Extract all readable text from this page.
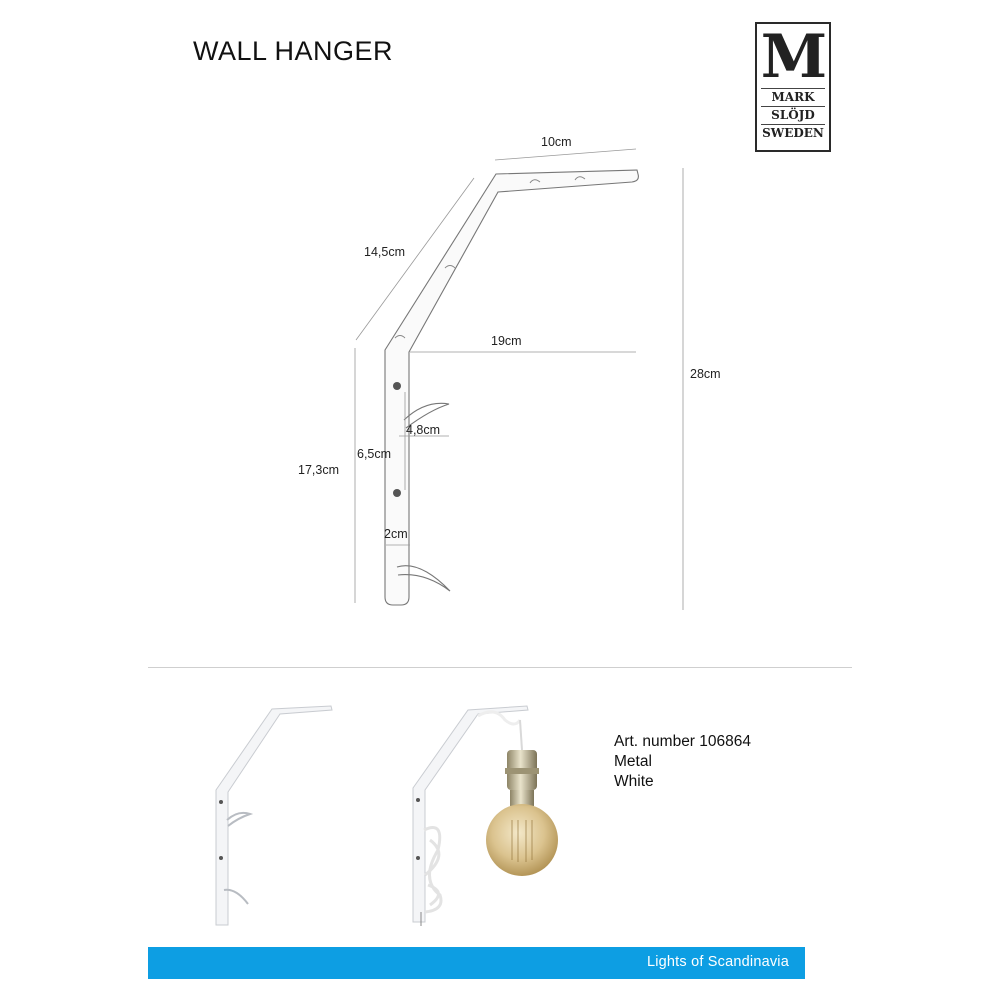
WALL HANGER	M
MARK
SLÖJD
SWEDEN
10cm
14,5cm
19cm
28cm
4,8cm
6,5cm
17,3cm
2cm
Art. number 106864
Metal
White
Lights of Scandinavia
